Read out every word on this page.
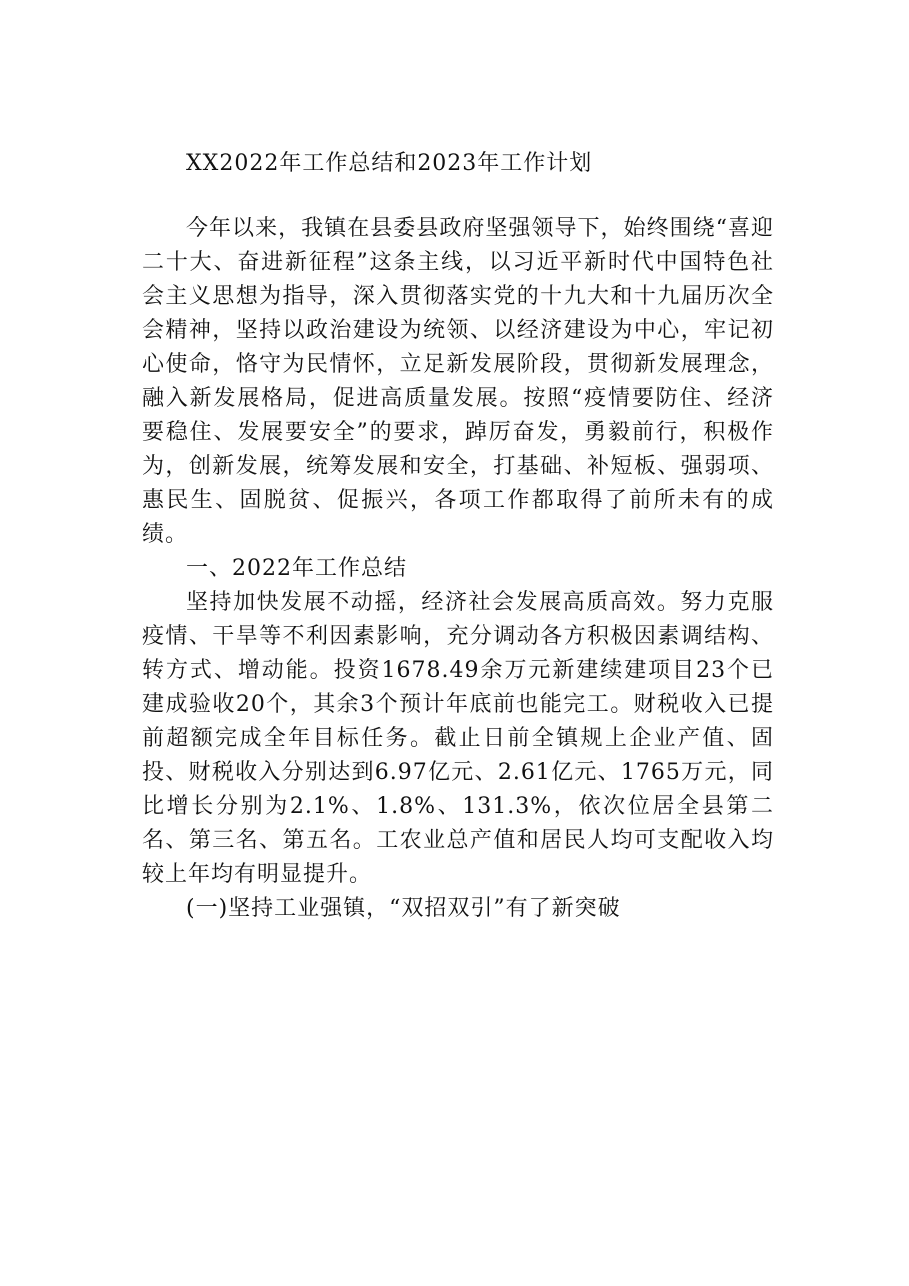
XX2022年工作总结和2023年工作计划

今年以来，我镇在县委县政府坚强领导下，始终围绕“喜迎二十大、奋进新征程”这条主线，以习近平新时代中国特色社会主义思想为指导，深入贯彻落实党的十九大和十九届历次全会精神，坚持以政治建设为统领、以经济建设为中心，牢记初心使命，恪守为民情怀，立足新发展阶段，贯彻新发展理念，融入新发展格局，促进高质量发展。按照“疫情要防住、经济要稳住、发展要安全”的要求，踔厉奋发，勇毅前行，积极作为，创新发展，统筹发展和安全，打基础、补短板、强弱项、惠民生、固脱贫、促振兴，各项工作都取得了前所未有的成绩。

一、2022年工作总结

坚持加快发展不动摇，经济社会发展高质高效。努力克服疫情、干旱等不利因素影响，充分调动各方积极因素调结构、转方式、增动能。投资1678.49余万元新建续建项目23个已建成验收20个，其余3个预计年底前也能完工。财税收入已提前超额完成全年目标任务。截止日前全镇规上企业产值、固投、财税收入分别达到6.97亿元、2.61亿元、1765万元，同比增长分别为2.1%、1.8%、131.3%，依次位居全县第二名、第三名、第五名。工农业总产值和居民人均可支配收入均较上年均有明显提升。

(一)坚持工业强镇，“双招双引”有了新突破
